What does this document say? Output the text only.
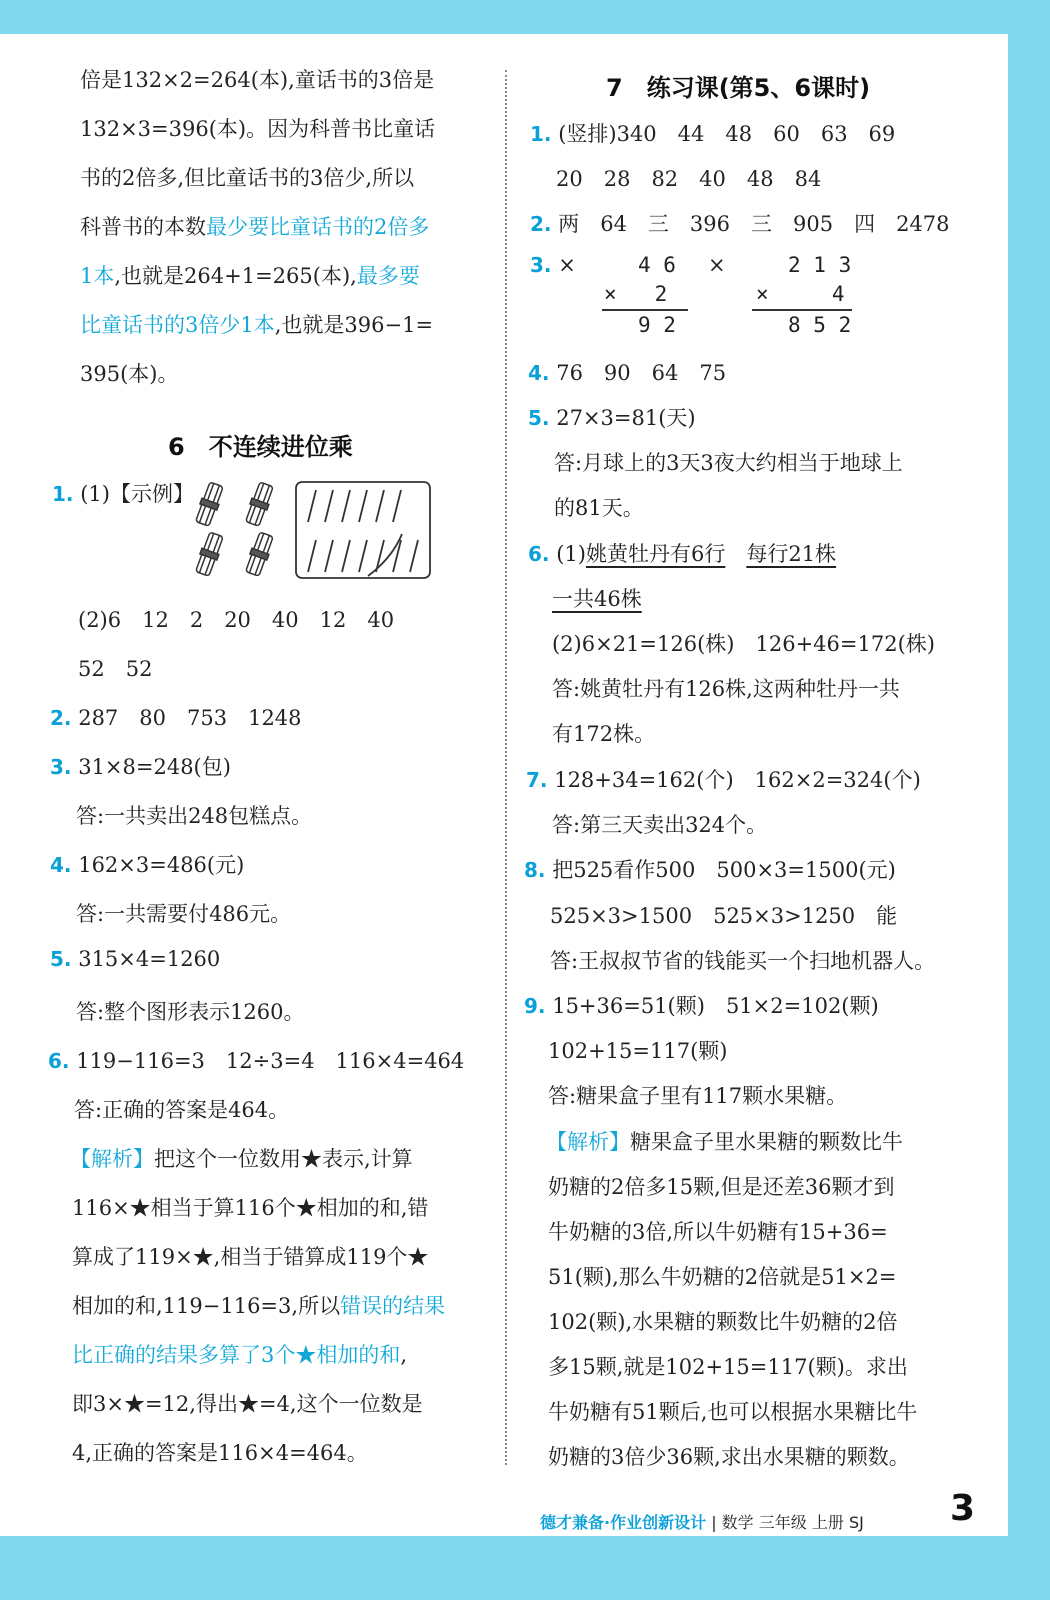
倍是132×2=264(本),童话书的3倍是
132×3=396(本)。因为科普书比童话
书的2倍多,但比童话书的3倍少,所以
科普书的本数最少要比童话书的2倍多
1本,也就是264+1=265(本),最多要
比童话书的3倍少1本,也就是396−1=
395(本)。
6　不连续进位乘
1. (1)【示例】
(2)6　12　2　20　40　12　40
52　52
2. 287　80　753　1248
3. 31×8=248(包)
答:一共卖出248包糕点。
4. 162×3=486(元)
答:一共需要付486元。
5. 315×4=1260
答:整个图形表示1260。
6. 119−116=3　12÷3=4　116×4=464
答:正确的答案是464。
【解析】把这个一位数用★表示,计算
116×★相当于算116个★相加的和,错
算成了119×★,相当于错算成119个★
相加的和,119−116=3,所以错误的结果
比正确的结果多算了3个★相加的和,
即3×★=12,得出★=4,这个一位数是
4,正确的答案是116×4=464。
7　练习课(第5、6课时)
1. (竖排)340　44　48　60　63　69
20　28　82　40　48　84
2. 两　64　三　396　三　905　四　2478
3. ×	4 6
×   2
9 2
×	2 1 3
×     4
8 5 2
4. 76　90　64　75
5. 27×3=81(天)
答:月球上的3天3夜大约相当于地球上
的81天。
6. (1)姚黄牡丹有6行　 每行21株
一共46株
(2)6×21=126(株)　126+46=172(株)
答:姚黄牡丹有126株,这两种牡丹一共
有172株。
7. 128+34=162(个)　162×2=324(个)
答:第三天卖出324个。
8. 把525看作500　500×3=1500(元)
525×3>1500　525×3>1250　能
答:王叔叔节省的钱能买一个扫地机器人。
9. 15+36=51(颗)　51×2=102(颗)
102+15=117(颗)
答:糖果盒子里有117颗水果糖。
【解析】糖果盒子里水果糖的颗数比牛
奶糖的2倍多15颗,但是还差36颗才到
牛奶糖的3倍,所以牛奶糖有15+36=
51(颗),那么牛奶糖的2倍就是51×2=
102(颗),水果糖的颗数比牛奶糖的2倍
多15颗,就是102+15=117(颗)。求出
牛奶糖有51颗后,也可以根据水果糖比牛
奶糖的3倍少36颗,求出水果糖的颗数。
德才兼备·作业创新设计 | 数学 三年级 上册 SJ 3
